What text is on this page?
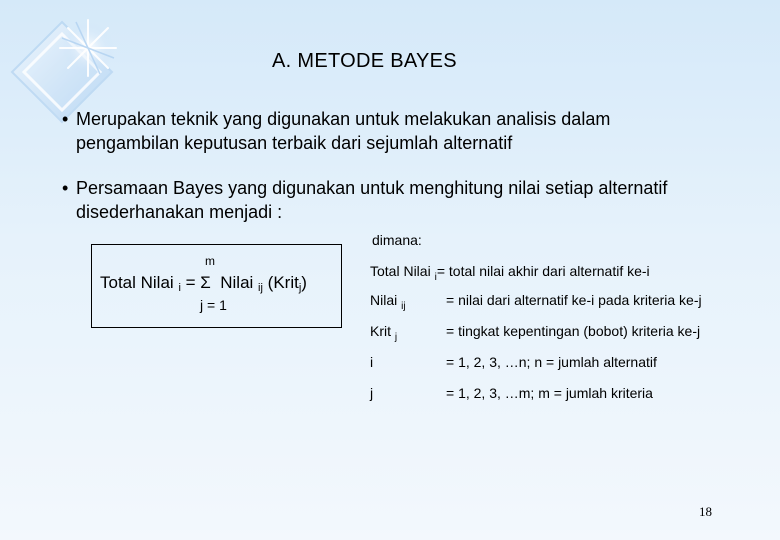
A. METODE BAYES
• Merupakan teknik yang digunakan untuk melakukan analisis dalam
pengambilan keputusan terbaik dari sejumlah alternatif
• Persamaan Bayes yang digunakan untuk menghitung nilai setiap alternatif
disederhanakan menjadi :
m
Total Nilai $_i$ = Σ Nilai $_{ij}$ (Krit$_j$)
j = 1
dimana:
Total Nilai $_i$= total nilai akhir dari alternatif ke-i
Nilai $_{ij}$	= nilai dari alternatif ke-i pada kriteria ke-j
Krit $_j$	= tingkat kepentingan (bobot) kriteria ke-j
i	= 1, 2, 3, …n; n = jumlah alternatif
j	= 1, 2, 3, …m; m = jumlah kriteria
18
